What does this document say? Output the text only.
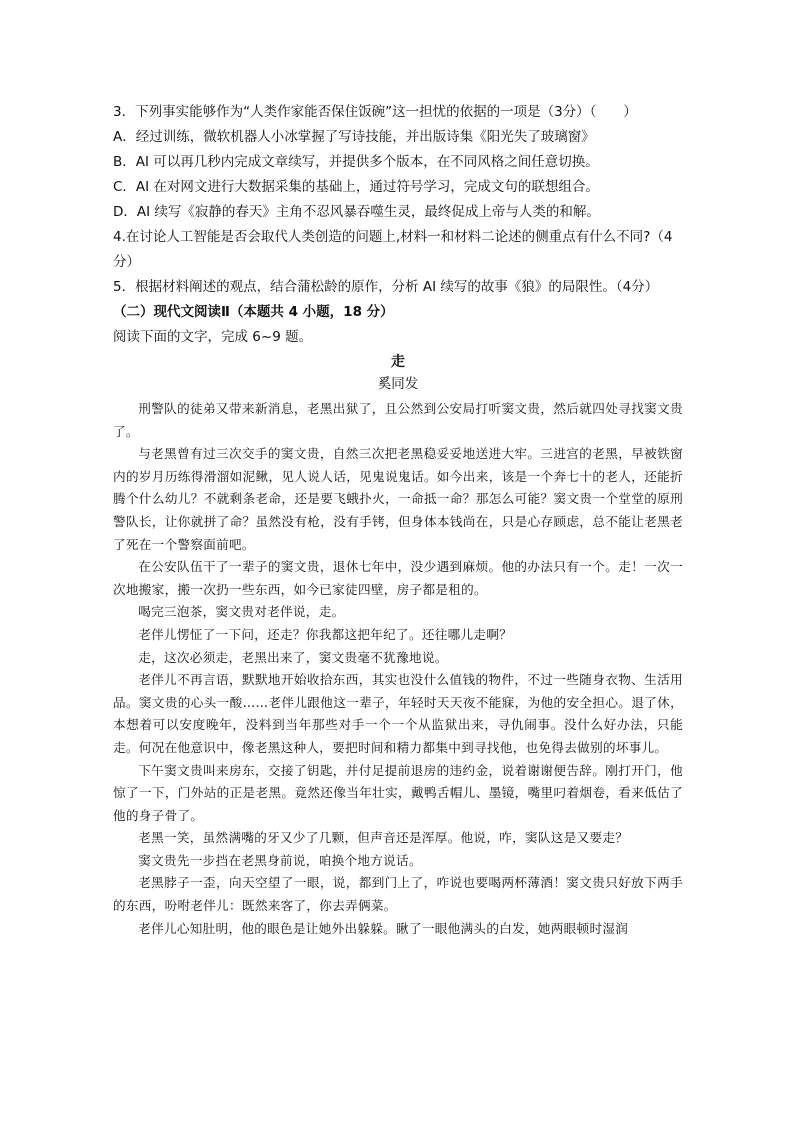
3．下列事实能够作为“人类作家能否保住饭碗”这一担忧的依据的一项是（3分）（　　）
A．经过训练，微软机器人小冰掌握了写诗技能，并出版诗集《阳光失了玻璃窗》
B．AI 可以再几秒内完成文章续写，并提供多个版本，在不同风格之间任意切换。
C．AI 在对网文进行大数据采集的基础上，通过符号学习，完成文句的联想组合。
D．AI 续写《寂静的春天》主角不忍风暴吞噬生灵，最终促成上帝与人类的和解。
4.在讨论人工智能是否会取代人类创造的问题上,材料一和材料二论述的侧重点有什么不同?（4分）
5．根据材料阐述的观点，结合蒲松龄的原作，分析 AI 续写的故事《狼》的局限性。（4分）
（二）现代文阅读Ⅱ（本题共 4 小题，18 分）
阅读下面的文字，完成 6~9 题。
走
奚同发

刑警队的徒弟又带来新消息，老黑出狱了，且公然到公安局打听窦文贵，然后就四处寻找窦文贵了。

与老黑曾有过三次交手的窦文贵，自然三次把老黑稳妥妥地送进大牢。三进宫的老黑，早被铁窗内的岁月历练得滑溜如泥鳅，见人说人话，见鬼说鬼话。如今出来，该是一个奔七十的老人，还能折腾个什么幼儿？不就剩条老命，还是要飞蛾扑火，一命抵一命？那怎么可能？窦文贵一个堂堂的原刑警队长，让你就拼了命？虽然没有枪，没有手铐，但身体本钱尚在，只是心存顾虑，总不能让老黑老了死在一个警察面前吧。

在公安队伍干了一辈子的窦文贵，退休七年中，没少遇到麻烦。他的办法只有一个。走！一次一次地搬家，搬一次扔一些东西，如今已家徒四壁，房子都是租的。

喝完三泡茶，窦文贵对老伴说，走。

老伴儿愣怔了一下问，还走？你我都这把年纪了。还往哪儿走啊？

走，这次必须走，老黑出来了，窦文贵毫不犹豫地说。

老伴儿不再言语，默默地开始收拾东西，其实也没什么值钱的物件，不过一些随身衣物、生活用品。窦文贵的心头一酸……老伴儿跟他这一辈子，年轻时天天夜不能寐，为他的安全担心。退了休，本想着可以安度晚年，没料到当年那些对手一个一个从监狱出来，寻仇闹事。没什么好办法，只能走。何况在他意识中，像老黑这种人，要把时间和精力都集中到寻找他，也免得去做别的坏事儿。

下午窦文贵叫来房东，交接了钥匙，并付足提前退房的违约金，说着谢谢便告辞。刚打开门，他惊了一下，门外站的正是老黑。竟然还像当年壮实，戴鸭舌帽儿、墨镜，嘴里叼着烟卷，看来低估了他的身子骨了。

老黑一笑，虽然满嘴的牙又少了几颗，但声音还是浑厚。他说，咋，窦队这是又要走？

窦文贵先一步挡在老黑身前说，咱换个地方说话。

老黑脖子一歪，向天空望了一眼，说，都到门上了，咋说也要喝两杯薄酒！窦文贵只好放下两手的东西，吩咐老伴儿：既然来客了，你去弄俩菜。

老伴儿心知肚明，他的眼色是让她外出躲躲。瞅了一眼他满头的白发，她两眼顿时湿润
